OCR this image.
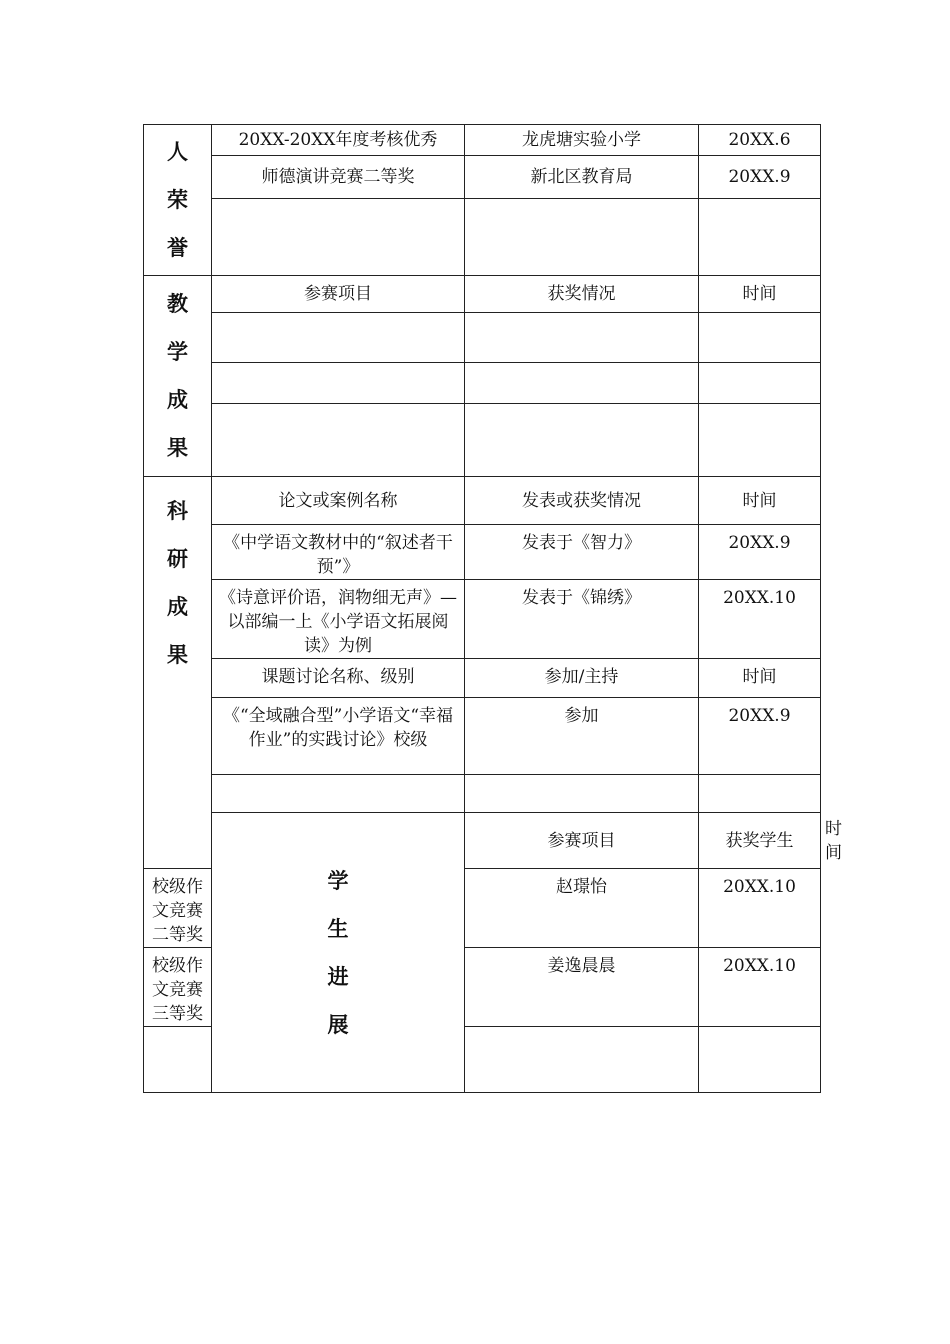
人
荣
誉	20XX-20XX年度考核优秀	龙虎塘实验小学	20XX.6	
	师德演讲竞赛二等奖	新北区教育局	20XX.9	

教
学
成
果	参赛项目	获奖情况	时间	

科
研
成
果	论文或案例名称	发表或获奖情况	时间	
	《中学语文教材中的“叙述者干预”》	发表于《智力》	20XX.9	
	《诗意评价语，润物细无声》—以部编一上《小学语文拓展阅读》为例	发表于《锦绣》	20XX.10	
	课题讨论名称、级别	参加/主持	时间	
	《“全域融合型”小学语文“幸福作业”的实践讨论》校级	参加	20XX.9	

	学
生
进
展	参赛项目	获奖学生	时间
校级作文竞赛二等奖		赵璟怡	20XX.10	
校级作文竞赛三等奖		姜逸晨晨	20XX.10	
